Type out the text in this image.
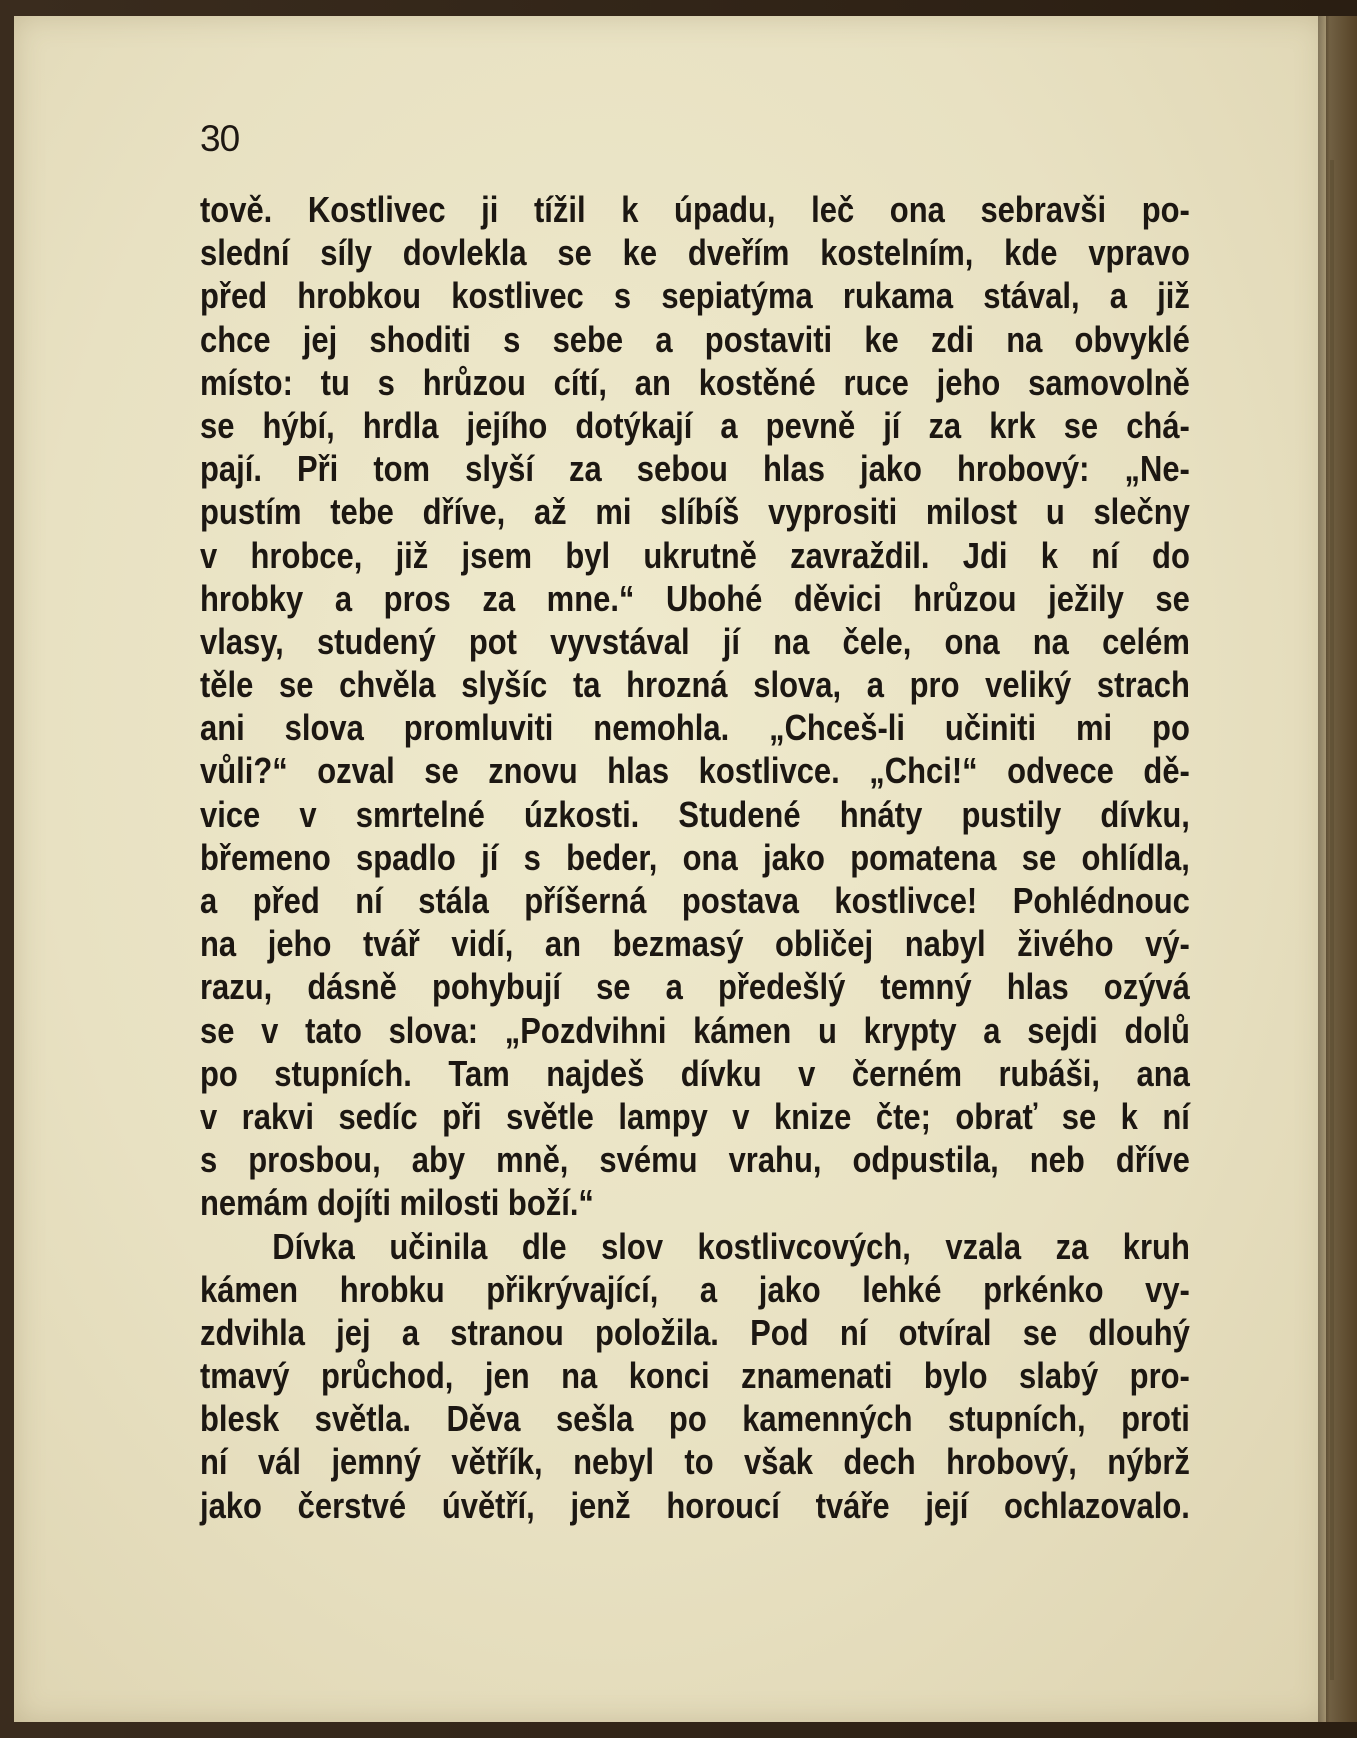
30
tově. Kostlivec ji tížil k úpadu, leč ona sebravši po-
slední síly dovlekla se ke dveřím kostelním, kde vpravo
před hrobkou kostlivec s sepiatýma rukama stával, a již
chce jej shoditi s sebe a postaviti ke zdi na obvyklé
místo: tu s hrůzou cítí, an kostěné ruce jeho samovolně
se hýbí, hrdla jejího dotýkají a pevně jí za krk se chá-
pají. Při tom slyší za sebou hlas jako hrobový: „Ne-
pustím tebe dříve, až mi slíbíš vyprositi milost u slečny
v hrobce, již jsem byl ukrutně zavraždil. Jdi k ní do
hrobky a pros za mne.“ Ubohé děvici hrůzou ježily se
vlasy, studený pot vyvstával jí na čele, ona na celém
těle se chvěla slyšíc ta hrozná slova, a pro veliký strach
ani slova promluviti nemohla. „Chceš-li učiniti mi po
vůli?“ ozval se znovu hlas kostlivce. „Chci!“ odvece dě-
vice v smrtelné úzkosti. Studené hnáty pustily dívku,
břemeno spadlo jí s beder, ona jako pomatena se ohlídla,
a před ní stála příšerná postava kostlivce! Pohlédnouc
na jeho tvář vidí, an bezmasý obličej nabyl živého vý-
razu, dásně pohybují se a předešlý temný hlas ozývá
se v tato slova: „Pozdvihni kámen u krypty a sejdi dolů
po stupních. Tam najdeš dívku v černém rubáši, ana
v rakvi sedíc při světle lampy v knize čte; obrať se k ní
s prosbou, aby mně, svému vrahu, odpustila, neb dříve
nemám dojíti milosti boží.“
Dívka učinila dle slov kostlivcových, vzala za kruh
kámen hrobku přikrývající, a jako lehké prkénko vy-
zdvihla jej a stranou položila. Pod ní otvíral se dlouhý
tmavý průchod, jen na konci znamenati bylo slabý pro-
blesk světla. Děva sešla po kamenných stupních, proti
ní vál jemný větřík, nebyl to však dech hrobový, nýbrž
jako čerstvé úvětří, jenž horoucí tváře její ochlazovalo.
